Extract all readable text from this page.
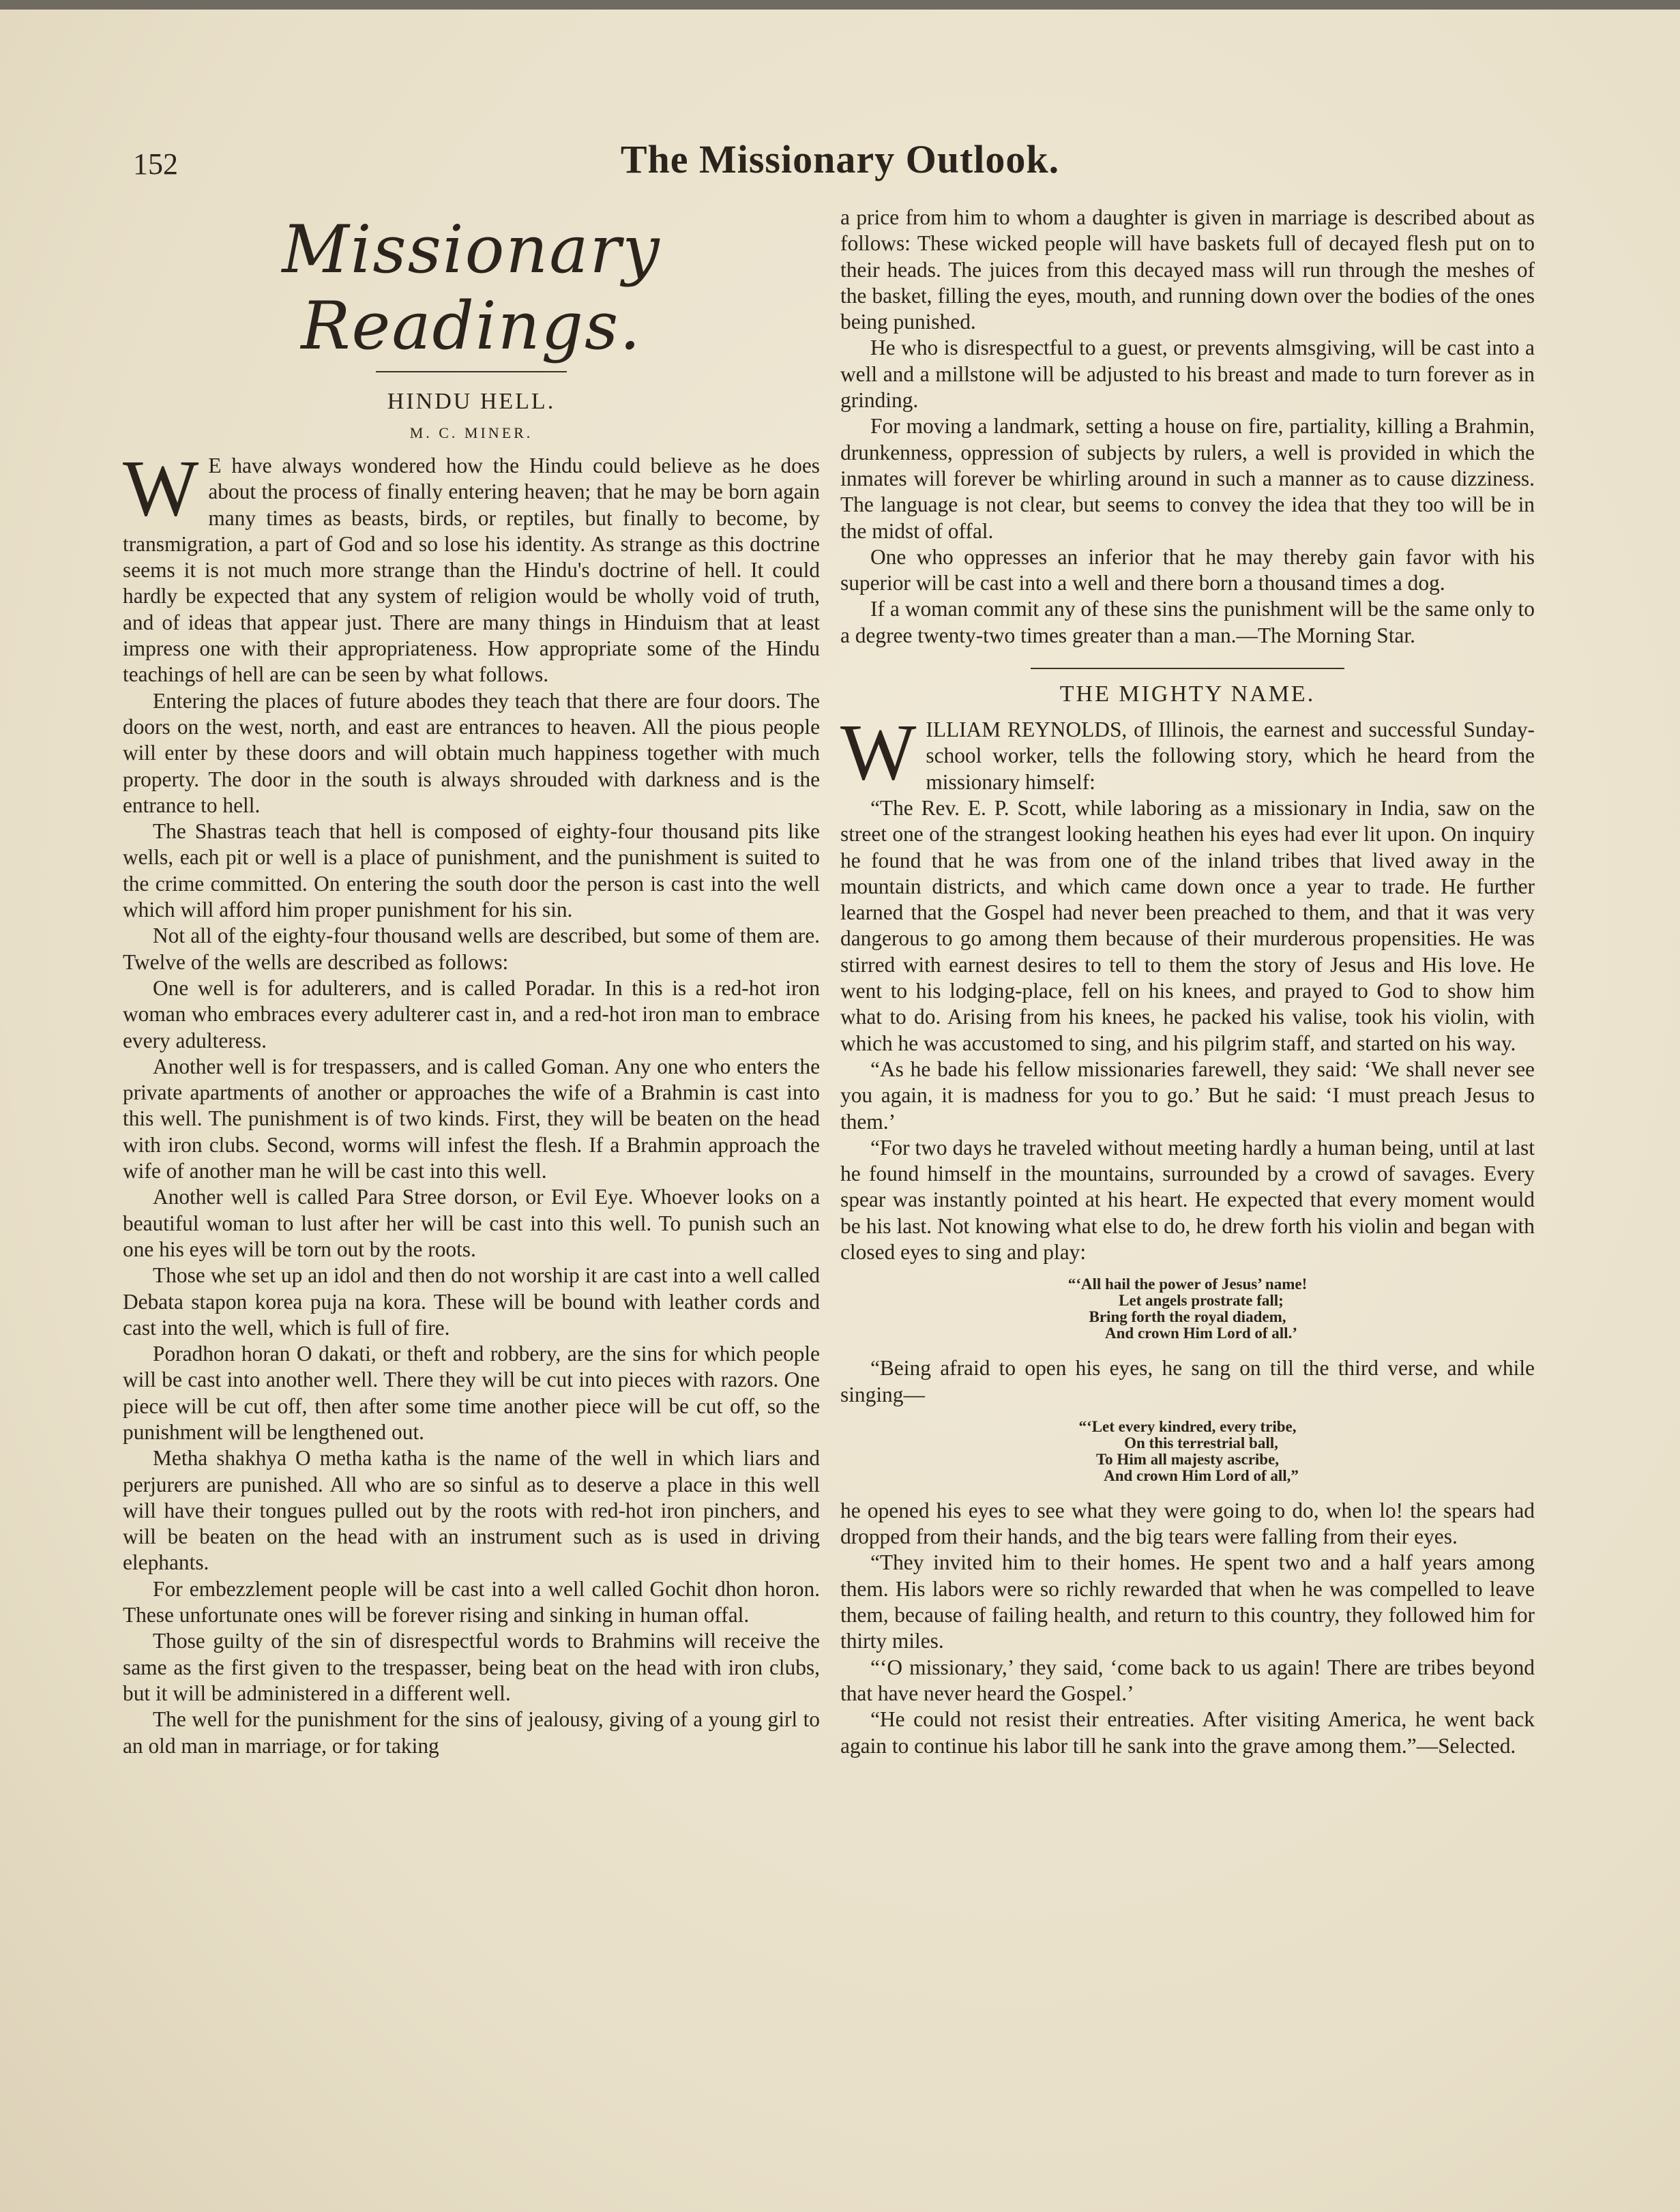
152	The Missionary Outlook.
Missionary Readings.
HINDU HELL.
M. C. MINER.

W E have always wondered how the Hindu could believe as he does about the process of finally entering heaven; that he may be born again many times as beasts, birds, or reptiles, but finally to become, by transmigration, a part of God and so lose his identity. As strange as this doctrine seems it is not much more strange than the Hindu's doctrine of hell. It could hardly be expected that any system of religion would be wholly void of truth, and of ideas that appear just. There are many things in Hinduism that at least impress one with their appropriateness. How appropriate some of the Hindu teachings of hell are can be seen by what follows.

Entering the places of future abodes they teach that there are four doors. The doors on the west, north, and east are entrances to heaven. All the pious people will enter by these doors and will obtain much happiness together with much property. The door in the south is always shrouded with darkness and is the entrance to hell.

The Shastras teach that hell is composed of eighty-four thousand pits like wells, each pit or well is a place of punishment, and the punishment is suited to the crime committed. On entering the south door the person is cast into the well which will afford him proper punishment for his sin.

Not all of the eighty-four thousand wells are described, but some of them are. Twelve of the wells are described as follows:

One well is for adulterers, and is called Poradar. In this is a red-hot iron woman who embraces every adulterer cast in, and a red-hot iron man to embrace every adulteress.

Another well is for trespassers, and is called Goman. Any one who enters the private apartments of another or approaches the wife of a Brahmin is cast into this well. The punishment is of two kinds. First, they will be beaten on the head with iron clubs. Second, worms will infest the flesh. If a Brahmin approach the wife of another man he will be cast into this well.

Another well is called Para Stree dorson, or Evil Eye. Whoever looks on a beautiful woman to lust after her will be cast into this well. To punish such an one his eyes will be torn out by the roots.

Those whe set up an idol and then do not worship it are cast into a well called Debata stapon korea puja na kora. These will be bound with leather cords and cast into the well, which is full of fire.

Poradhon horan O dakati, or theft and robbery, are the sins for which people will be cast into another well. There they will be cut into pieces with razors. One piece will be cut off, then after some time another piece will be cut off, so the punishment will be lengthened out.

Metha shakhya O metha katha is the name of the well in which liars and perjurers are punished. All who are so sinful as to deserve a place in this well will have their tongues pulled out by the roots with red-hot iron pinchers, and will be beaten on the head with an instrument such as is used in driving elephants.

For embezzlement people will be cast into a well called Gochit dhon horon. These unfortunate ones will be forever rising and sinking in human offal.

Those guilty of the sin of disrespectful words to Brahmins will receive the same as the first given to the trespasser, being beat on the head with iron clubs, but it will be administered in a different well.

The well for the punishment for the sins of jealousy, giving of a young girl to an old man in marriage, or for taking

a price from him to whom a daughter is given in marriage is described about as follows: These wicked people will have baskets full of decayed flesh put on to their heads. The juices from this decayed mass will run through the meshes of the basket, filling the eyes, mouth, and running down over the bodies of the ones being punished.

He who is disrespectful to a guest, or prevents almsgiving, will be cast into a well and a millstone will be adjusted to his breast and made to turn forever as in grinding.

For moving a landmark, setting a house on fire, partiality, killing a Brahmin, drunkenness, oppression of subjects by rulers, a well is provided in which the inmates will forever be whirling around in such a manner as to cause dizziness. The language is not clear, but seems to convey the idea that they too will be in the midst of offal.

One who oppresses an inferior that he may thereby gain favor with his superior will be cast into a well and there born a thousand times a dog.

If a woman commit any of these sins the punishment will be the same only to a degree twenty-two times greater than a man.—The Morning Star.

THE MIGHTY NAME.

WILLIAM REYNOLDS, of Illinois, the earnest and successful Sunday-school worker, tells the following story, which he heard from the missionary himself:

“The Rev. E. P. Scott, while laboring as a missionary in India, saw on the street one of the strangest looking heathen his eyes had ever lit upon. On inquiry he found that he was from one of the inland tribes that lived away in the mountain districts, and which came down once a year to trade. He further learned that the Gospel had never been preached to them, and that it was very dangerous to go among them because of their murderous propensities. He was stirred with earnest desires to tell to them the story of Jesus and His love. He went to his lodging-place, fell on his knees, and prayed to God to show him what to do. Arising from his knees, he packed his valise, took his violin, with which he was accustomed to sing, and his pilgrim staff, and started on his way.

“As he bade his fellow missionaries farewell, they said: ‘We shall never see you again, it is madness for you to go.’ But he said: ‘I must preach Jesus to them.’

“For two days he traveled without meeting hardly a human being, until at last he found himself in the mountains, surrounded by a crowd of savages. Every spear was instantly pointed at his heart. He expected that every moment would be his last. Not knowing what else to do, he drew forth his violin and began with closed eyes to sing and play:

“‘All hail the power of Jesus’ name!
Let angels prostrate fall;
Bring forth the royal diadem,
And crown Him Lord of all.’

“Being afraid to open his eyes, he sang on till the third verse, and while singing—

“‘Let every kindred, every tribe,
On this terrestrial ball,
To Him all majesty ascribe,
And crown Him Lord of all,”

he opened his eyes to see what they were going to do, when lo! the spears had dropped from their hands, and the big tears were falling from their eyes.

“They invited him to their homes. He spent two and a half years among them. His labors were so richly rewarded that when he was compelled to leave them, because of failing health, and return to this country, they followed him for thirty miles.

“‘O missionary,’ they said, ‘come back to us again! There are tribes beyond that have never heard the Gospel.’

“He could not resist their entreaties. After visiting America, he went back again to continue his labor till he sank into the grave among them.”—Selected.
